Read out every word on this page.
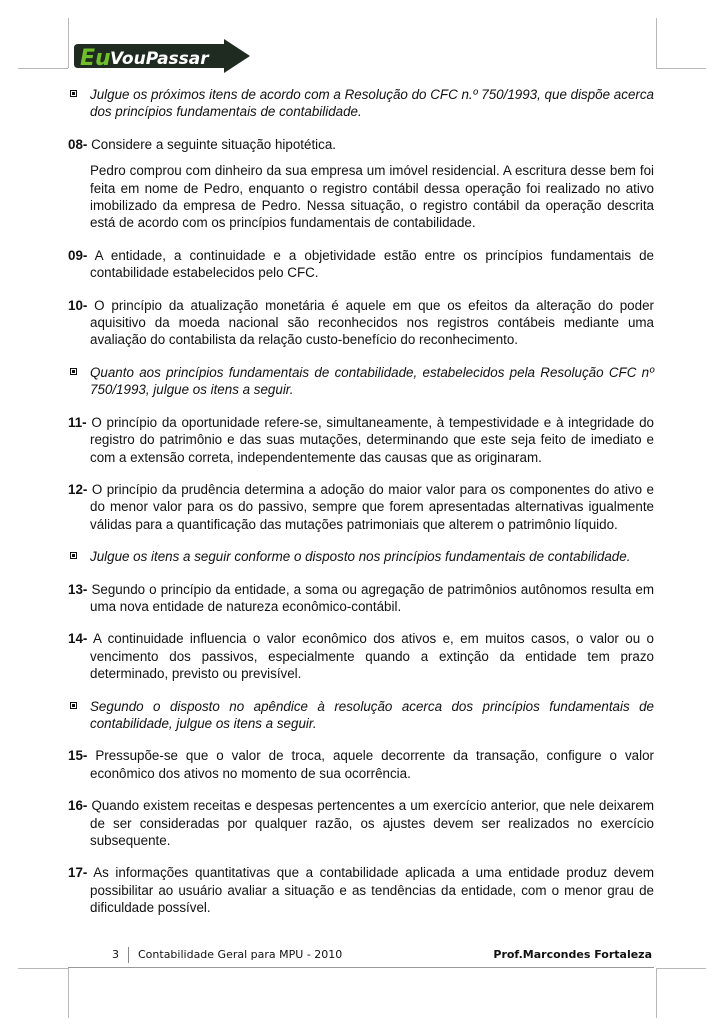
Eu VouPassar
Julgue os próximos itens de acordo com a Resolução do CFC n.º 750/1993, que dispõe acerca dos princípios fundamentais de contabilidade.
08- Considere a seguinte situação hipotética.
Pedro comprou com dinheiro da sua empresa um imóvel residencial. A escritura desse bem foi feita em nome de Pedro, enquanto o registro contábil dessa operação foi realizado no ativo imobilizado da empresa de Pedro. Nessa situação, o registro contábil da operação descrita está de acordo com os princípios fundamentais de contabilidade.
09- A entidade, a continuidade e a objetividade estão entre os princípios fundamentais de contabilidade estabelecidos pelo CFC.
10- O princípio da atualização monetária é aquele em que os efeitos da alteração do poder aquisitivo da moeda nacional são reconhecidos nos registros contábeis mediante uma avaliação do contabilista da relação custo-benefício do reconhecimento.
Quanto aos princípios fundamentais de contabilidade, estabelecidos pela Resolução CFC nº 750/1993, julgue os itens a seguir.
11- O princípio da oportunidade refere-se, simultaneamente, à tempestividade e à integridade do registro do patrimônio e das suas mutações, determinando que este seja feito de imediato e com a extensão correta, independentemente das causas que as originaram.
12- O princípio da prudência determina a adoção do maior valor para os componentes do ativo e do menor valor para os do passivo, sempre que forem apresentadas alternativas igualmente válidas para a quantificação das mutações patrimoniais que alterem o patrimônio líquido.
Julgue os itens a seguir conforme o disposto nos princípios fundamentais de contabilidade.
13- Segundo o princípio da entidade, a soma ou agregação de patrimônios autônomos resulta em uma nova entidade de natureza econômico-contábil.
14- A continuidade influencia o valor econômico dos ativos e, em muitos casos, o valor ou o vencimento dos passivos, especialmente quando a extinção da entidade tem prazo determinado, previsto ou previsível.
Segundo o disposto no apêndice à resolução acerca dos princípios fundamentais de contabilidade, julgue os itens a seguir.
15- Pressupõe-se que o valor de troca, aquele decorrente da transação, configure o valor econômico dos ativos no momento de sua ocorrência.
16- Quando existem receitas e despesas pertencentes a um exercício anterior, que nele deixarem de ser consideradas por qualquer razão, os ajustes devem ser realizados no exercício subsequente.
17- As informações quantitativas que a contabilidade aplicada a uma entidade produz devem possibilitar ao usuário avaliar a situação e as tendências da entidade, com o menor grau de dificuldade possível.
3 Contabilidade Geral para MPU - 2010	Prof.Marcondes Fortaleza
